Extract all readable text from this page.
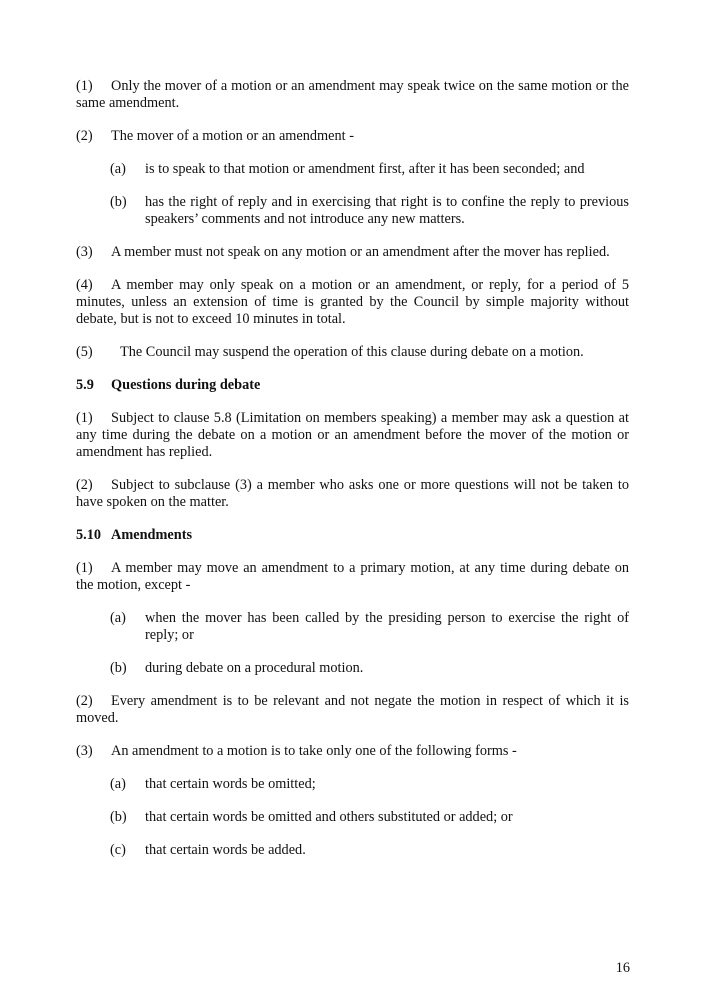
(1) Only the mover of a motion or an amendment may speak twice on the same motion or the same amendment.

(2) The mover of a motion or an amendment -

(a)	is to speak to that motion or amendment first, after it has been seconded; and
(b)	has the right of reply and in exercising that right is to confine the reply to previous speakers’ comments and not introduce any new matters.

(3) A member must not speak on any motion or an amendment after the mover has replied.

(4) A member may only speak on a motion or an amendment, or reply, for a period of 5 minutes, unless an extension of time is granted by the Council by simple majority without debate, but is not to exceed 10 minutes in total.

(5) The Council may suspend the operation of this clause during debate on a motion.

5.9	Questions during debate

(1) Subject to clause 5.8 (Limitation on members speaking) a member may ask a question at any time during the debate on a motion or an amendment before the mover of the motion or amendment has replied.

(2) Subject to subclause (3) a member who asks one or more questions will not be taken to have spoken on the matter.

5.10 Amendments

(1) A member may move an amendment to a primary motion, at any time during debate on the motion, except -

(a)	when the mover has been called by the presiding person to exercise the right of reply; or
(b)	during debate on a procedural motion.

(2) Every amendment is to be relevant and not negate the motion in respect of which it is moved.

(3) An amendment to a motion is to take only one of the following forms -

(a)	that certain words be omitted;
(b)	that certain words be omitted and others substituted or added; or
(c)	that certain words be added.
16
